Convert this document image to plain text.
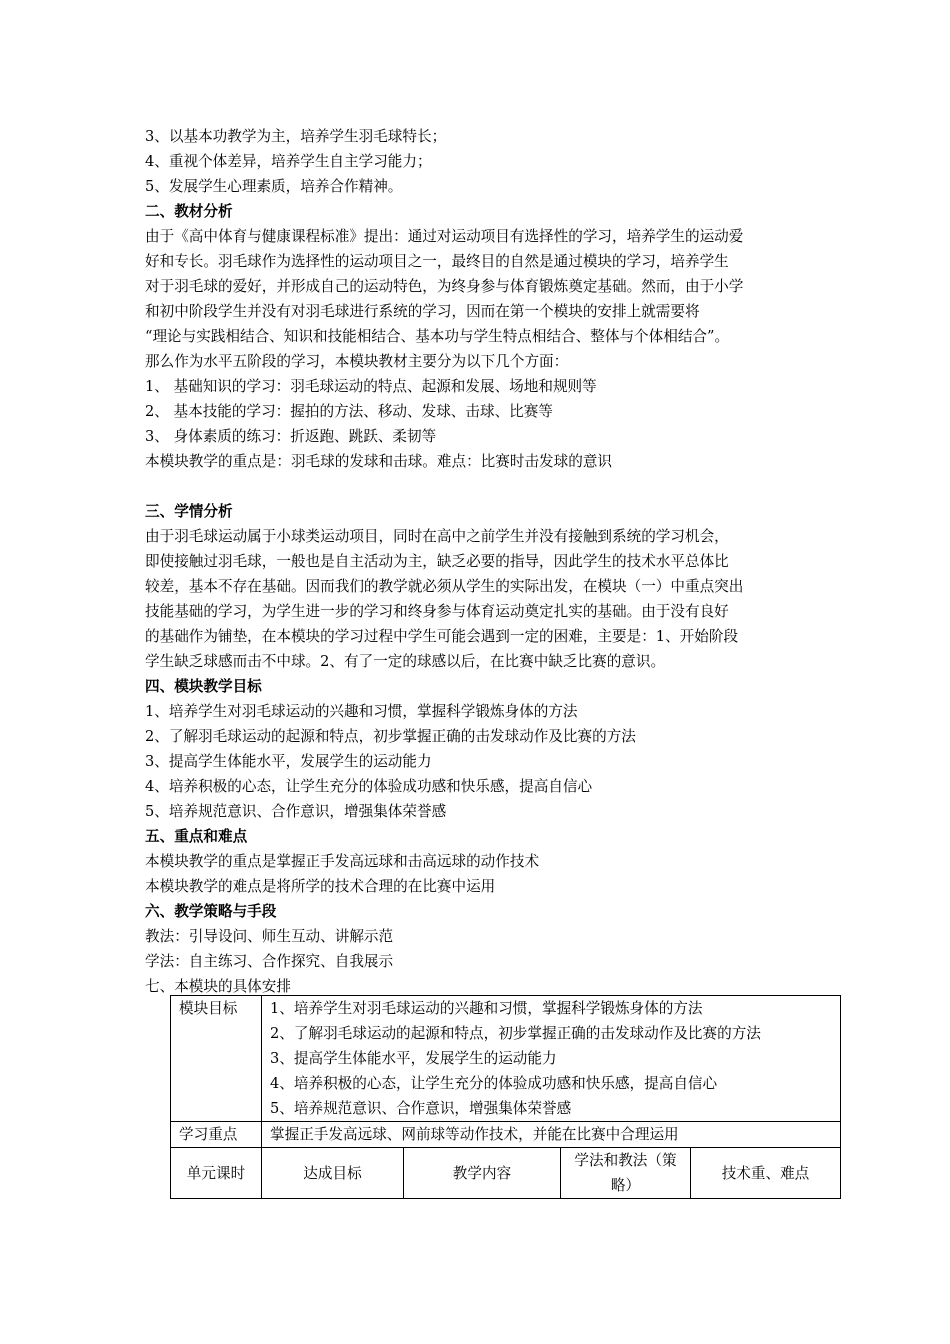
3、以基本功教学为主，培养学生羽毛球特长；
4、重视个体差异，培养学生自主学习能力；
5、发展学生心理素质，培养合作精神。
二、教材分析
由于《高中体育与健康课程标准》提出：通过对运动项目有选择性的学习，培养学生的运动爱
好和专长。羽毛球作为选择性的运动项目之一，最终目的自然是通过模块的学习，培养学生
对于羽毛球的爱好，并形成自己的运动特色，为终身参与体育锻炼奠定基础。然而，由于小学
和初中阶段学生并没有对羽毛球进行系统的学习，因而在第一个模块的安排上就需要将
“理论与实践相结合、知识和技能相结合、基本功与学生特点相结合、整体与个体相结合”。
那么作为水平五阶段的学习，本模块教材主要分为以下几个方面：
1、 基础知识的学习：羽毛球运动的特点、起源和发展、场地和规则等
2、 基本技能的学习：握拍的方法、移动、发球、击球、比赛等
3、 身体素质的练习：折返跑、跳跃、柔韧等
本模块教学的重点是：羽毛球的发球和击球。难点：比赛时击发球的意识
三、学情分析
由于羽毛球运动属于小球类运动项目，同时在高中之前学生并没有接触到系统的学习机会，
即使接触过羽毛球，一般也是自主活动为主，缺乏必要的指导，因此学生的技术水平总体比
较差，基本不存在基础。因而我们的教学就必须从学生的实际出发，在模块（一）中重点突出
技能基础的学习，为学生进一步的学习和终身参与体育运动奠定扎实的基础。由于没有良好
的基础作为铺垫，在本模块的学习过程中学生可能会遇到一定的困难，主要是：1、开始阶段
学生缺乏球感而击不中球。2、有了一定的球感以后，在比赛中缺乏比赛的意识。
四、模块教学目标
1、培养学生对羽毛球运动的兴趣和习惯，掌握科学锻炼身体的方法
2、了解羽毛球运动的起源和特点，初步掌握正确的击发球动作及比赛的方法
3、提高学生体能水平，发展学生的运动能力
4、培养积极的心态，让学生充分的体验成功感和快乐感，提高自信心
5、培养规范意识、合作意识，增强集体荣誉感
五、重点和难点
本模块教学的重点是掌握正手发高远球和击高远球的动作技术
本模块教学的难点是将所学的技术合理的在比赛中运用
六、教学策略与手段
教法：引导设问、师生互动、讲解示范
学法：自主练习、合作探究、自我展示
七、本模块的具体安排
模块目标	1、培养学生对羽毛球运动的兴趣和习惯，掌握科学锻炼身体的方法
2、了解羽毛球运动的起源和特点，初步掌握正确的击发球动作及比赛的方法
3、提高学生体能水平，发展学生的运动能力
4、培养积极的心态，让学生充分的体验成功感和快乐感，提高自信心
5、培养规范意识、合作意识，增强集体荣誉感			

学习重点	掌握正手发高远球、网前球等动作技术，并能在比赛中合理运用			
单元课时	达成目标	教学内容	学法和教法（策略）	技术重、难点
